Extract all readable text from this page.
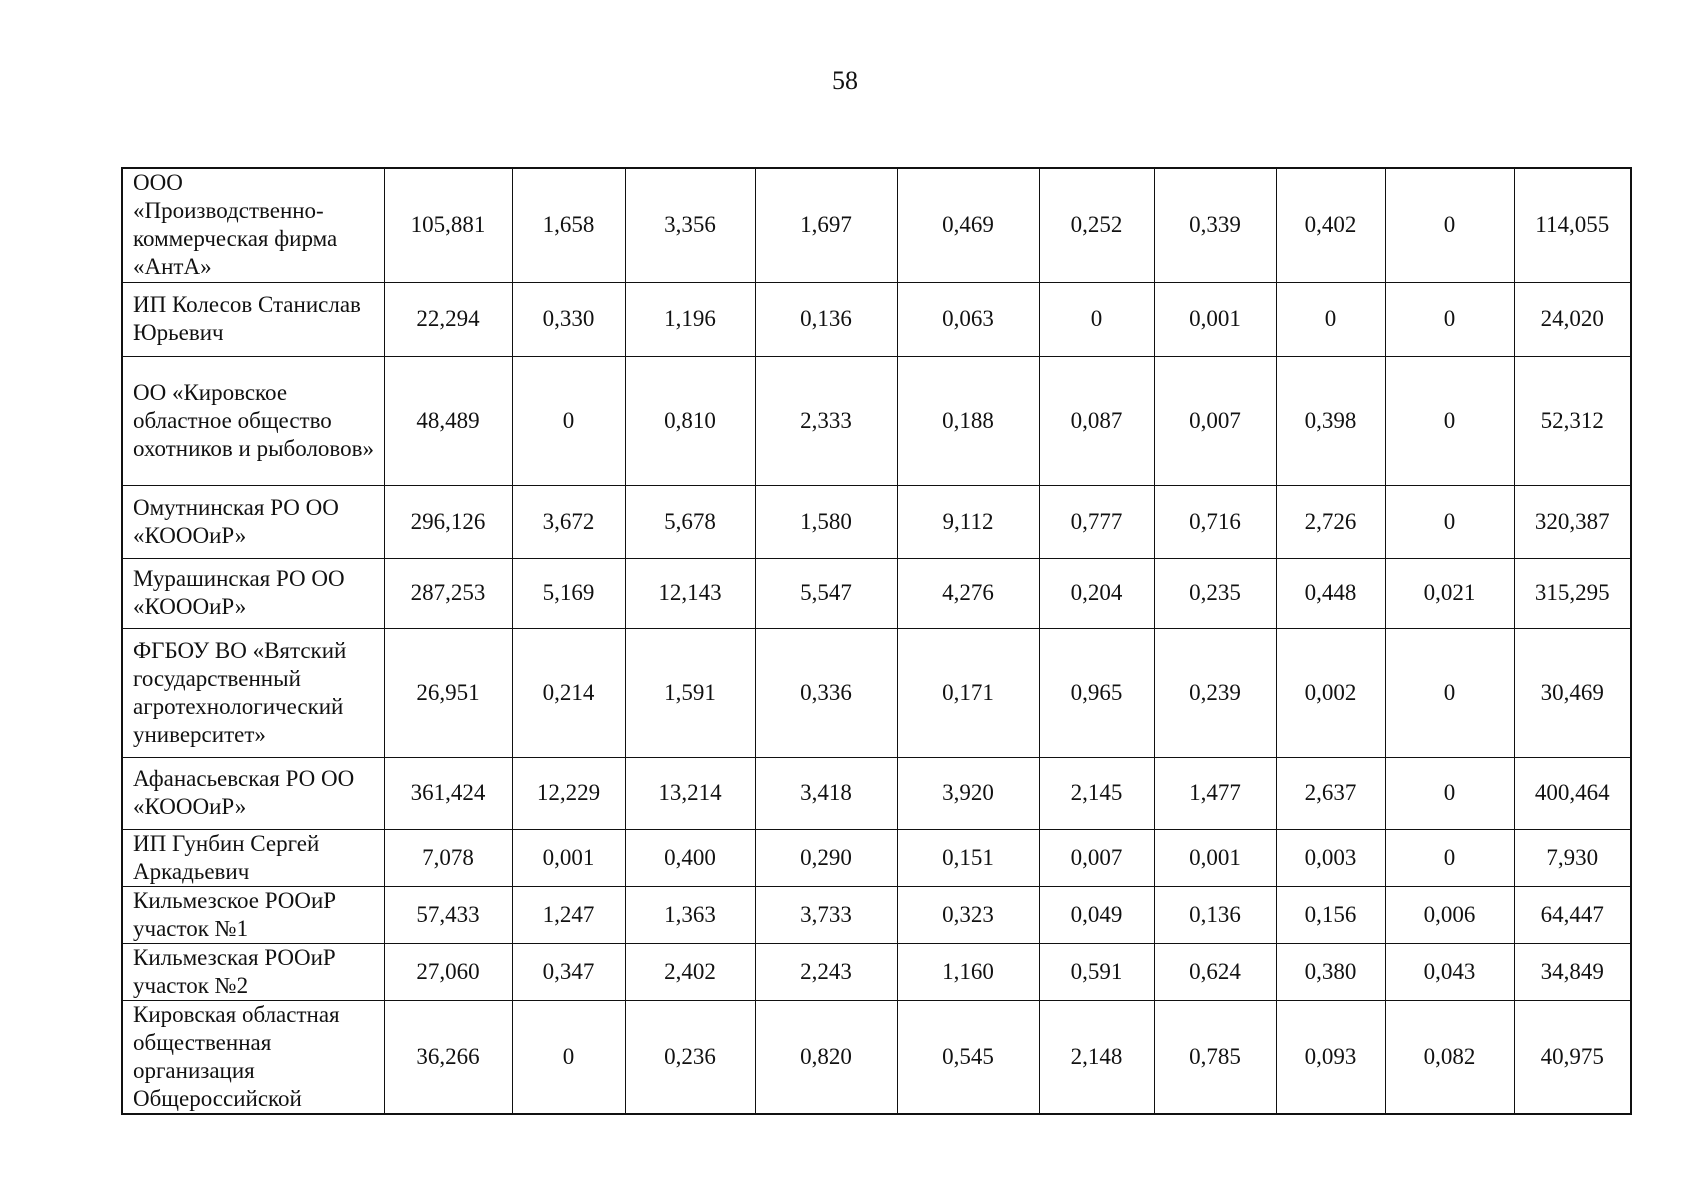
58
ООО «Производственно-коммерческая фирма «АнтА»	105,881	1,658	3,356	1,697	0,469	0,252	0,339	0,402	0	114,055
ИП Колесов Станислав Юрьевич	22,294	0,330	1,196	0,136	0,063	0	0,001	0	0	24,020
ОО «Кировское областное общество охотников и рыболовов»	48,489	0	0,810	2,333	0,188	0,087	0,007	0,398	0	52,312
Омутнинская РО ОО «КОООиР»	296,126	3,672	5,678	1,580	9,112	0,777	0,716	2,726	0	320,387
Мурашинская РО ОО «КОООиР»	287,253	5,169	12,143	5,547	4,276	0,204	0,235	0,448	0,021	315,295
ФГБОУ ВО «Вятский государственный агротехнологический университет»	26,951	0,214	1,591	0,336	0,171	0,965	0,239	0,002	0	30,469
Афанасьевская РО ОО «КОООиР»	361,424	12,229	13,214	3,418	3,920	2,145	1,477	2,637	0	400,464
ИП Гунбин Сергей Аркадьевич	7,078	0,001	0,400	0,290	0,151	0,007	0,001	0,003	0	7,930
Кильмезское РООиР участок №1	57,433	1,247	1,363	3,733	0,323	0,049	0,136	0,156	0,006	64,447
Кильмезская РООиР участок №2	27,060	0,347	2,402	2,243	1,160	0,591	0,624	0,380	0,043	34,849
Кировская областная общественная организация Общероссийской	36,266	0	0,236	0,820	0,545	2,148	0,785	0,093	0,082	40,975
